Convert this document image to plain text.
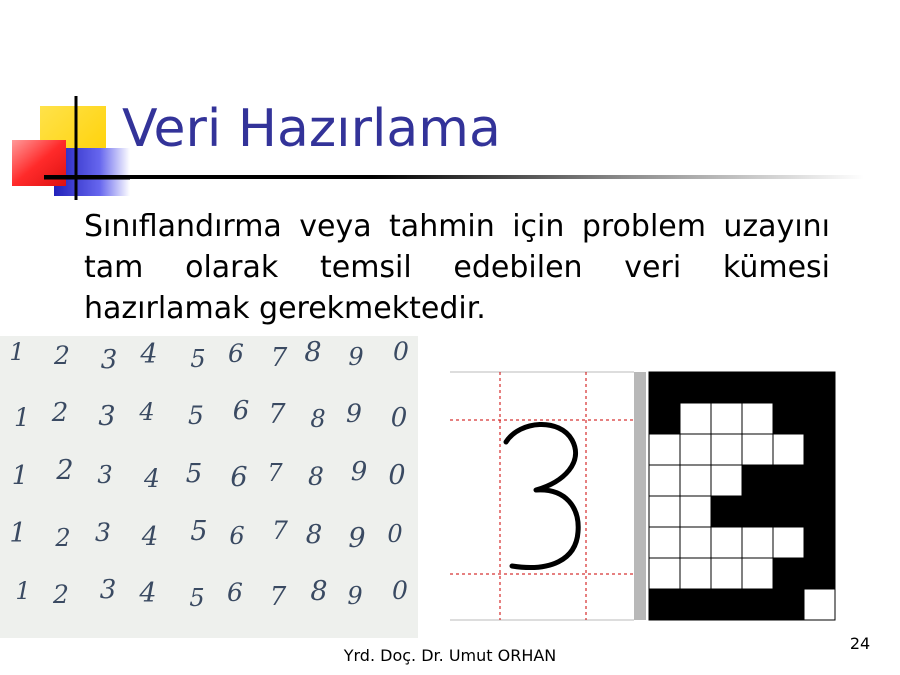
Veri Hazırlama

Sınıflandırma veya tahmin için problem uzayını tam olarak temsil edebilen veri kümesi hazırlamak gerekmektedir.

1 2 3 4 5 6 7 8 9 0
1 2 3 4 5 6 7 8 9 0
1 2 3 4 5 6 7 8 9 0
1 2 3 4 5 6 7 8 9 0
1 2 3 4 5 6 7 8 9 0

Yrd. Doç. Dr. Umut ORHAN

24
